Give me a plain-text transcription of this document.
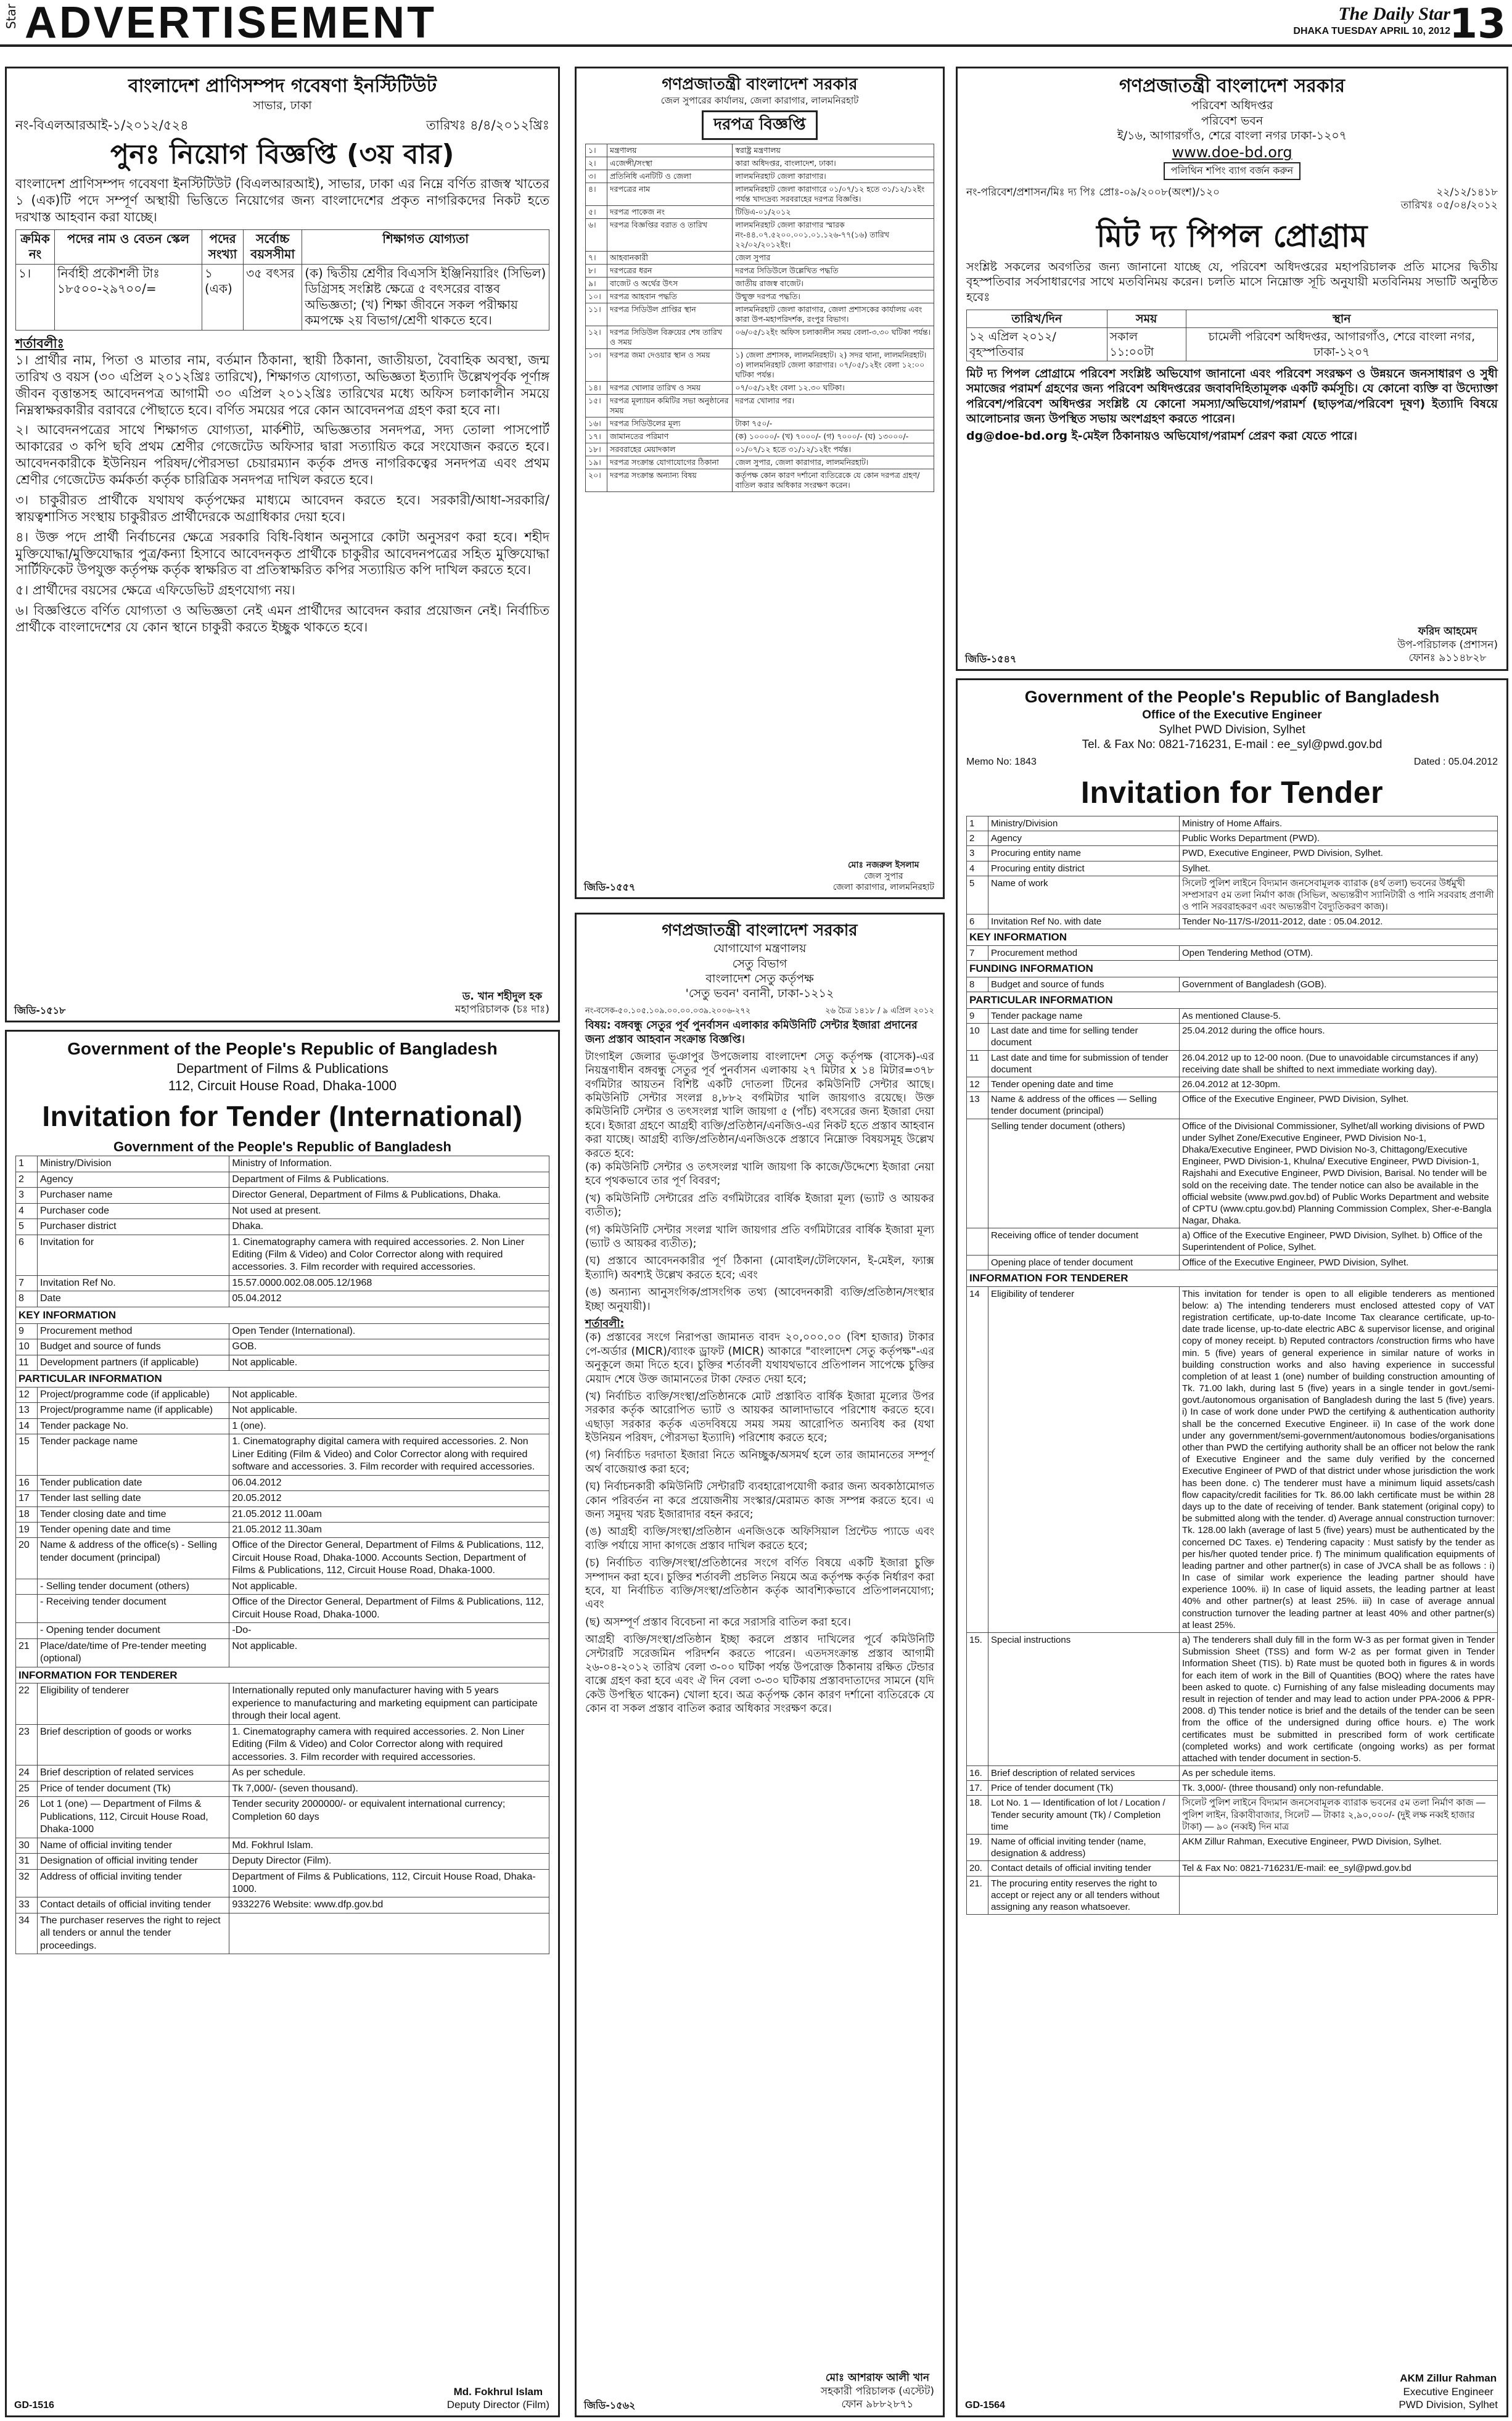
Star ADVERTISEMENT	The Daily Star
DHAKA TUESDAY APRIL 10, 2012
13
বাংলাদেশ প্রাণিসম্পদ গবেষণা ইনস্টিটিউট
সাভার, ঢাকা
নং-বিএলআরআই-১/২০১২/৫২৪	তারিখঃ ৪/৪/২০১২খ্রিঃ
পুনঃ নিয়োগ বিজ্ঞপ্তি (৩য় বার)
বাংলাদেশ প্রাণিসম্পদ গবেষণা ইনস্টিটিউট (বিএলআরআই), সাভার, ঢাকা এর নিম্নে বর্ণিত রাজস্ব খাতের ১ (এক)টি পদে সম্পূর্ণ অস্থায়ী ভিত্তিতে নিয়োগের জন্য বাংলাদেশের প্রকৃত নাগরিকদের নিকট হতে দরখাস্ত আহবান করা যাচ্ছে।
ক্রমিক নং	পদের নাম ও বেতন স্কেল	পদের সংখ্যা	সর্বোচ্চ বয়সসীমা	শিক্ষাগত যোগ্যতা
১।	নির্বাহী প্রকৌশলী টাঃ ১৮৫০০-২৯৭০০/=	১ (এক)	৩৫ বৎসর	(ক) দ্বিতীয় শ্রেণীর বিএসসি ইঞ্জিনিয়ারিং (সিভিল) ডিগ্রিসহ সংশ্লিষ্ট ক্ষেত্রে ৫ বৎসরের বাস্তব অভিজ্ঞতা; (খ) শিক্ষা জীবনে সকল পরীক্ষায় কমপক্ষে ২য় বিভাগ/শ্রেণী থাকতে হবে।
শর্তাবলীঃ
১। প্রার্থীর নাম, পিতা ও মাতার নাম, বর্তমান ঠিকানা, স্থায়ী ঠিকানা, জাতীয়তা, বৈবাহিক অবস্থা, জন্ম তারিখ ও বয়স (৩০ এপ্রিল ২০১২খ্রিঃ তারিখে), শিক্ষাগত যোগ্যতা, অভিজ্ঞতা ইত্যাদি উল্লেখপূর্বক পূর্ণাঙ্গ জীবন বৃত্তান্তসহ আবেদনপত্র আগামী ৩০ এপ্রিল ২০১২খ্রিঃ তারিখের মধ্যে অফিস চলাকালীন সময়ে নিম্নস্বাক্ষরকারীর বরাবরে পৌছাতে হবে। বর্ণিত সময়ের পরে কোন আবেদনপত্র গ্রহণ করা হবে না।
২। আবেদনপত্রের সাথে শিক্ষাগত যোগ্যতা, মার্কশীট, অভিজ্ঞতার সনদপত্র, সদ্য তোলা পাসপোর্ট আকারের ৩ কপি ছবি প্রথম শ্রেণীর গেজেটেড অফিসার দ্বারা সত্যায়িত করে সংযোজন করতে হবে। আবেদনকারীকে ইউনিয়ন পরিষদ/পৌরসভা চেয়ারম্যান কর্তৃক প্রদত্ত নাগরিকত্বের সনদপত্র এবং প্রথম শ্রেণীর গেজেটেড কর্মকর্তা কর্তৃক চারিত্রিক সনদপত্র দাখিল করতে হবে।
৩। চাকুরীরত প্রার্থীকে যথাযথ কর্তৃপক্ষের মাধ্যমে আবেদন করতে হবে। সরকারী/আধা-সরকারি/স্বায়ত্বশাসিত সংস্থায় চাকুরীরত প্রার্থীদেরকে অগ্রাধিকার দেয়া হবে।
৪। উক্ত পদে প্রার্থী নির্বাচনের ক্ষেত্রে সরকারি বিধি-বিধান অনুসারে কোটা অনুসরণ করা হবে। শহীদ মুক্তিযোদ্ধা/মুক্তিযোদ্ধার পুত্র/কন্যা হিসাবে আবেদনকৃত প্রার্থীকে চাকুরীর আবেদনপত্রের সহিত মুক্তিযোদ্ধা সার্টিফিকেট উপযুক্ত কর্তৃপক্ষ কর্তৃক স্বাক্ষরিত বা প্রতিস্বাক্ষরিত কপির সত্যায়িত কপি দাখিল করতে হবে।
৫। প্রার্থীদের বয়সের ক্ষেত্রে এফিডেভিট গ্রহণযোগ্য নয়।
৬। বিজ্ঞপ্তিতে বর্ণিত যোগ্যতা ও অভিজ্ঞতা নেই এমন প্রার্থীদের আবেদন করার প্রয়োজন নেই। নির্বাচিত প্রার্থীকে বাংলাদেশের যে কোন স্থানে চাকুরী করতে ইচ্ছুক থাকতে হবে।
জিডি-১৫১৮
ড. খান শহীদুল হক
মহাপরিচালক (চঃ দাঃ)
গণপ্রজাতন্ত্রী বাংলাদেশ সরকার
জেল সুপারের কার্যালয়, জেলা কারাগার, লালমনিরহাট
দরপত্র বিজ্ঞপ্তি
১।	মন্ত্রণালয়	স্বরাষ্ট্র মন্ত্রণালয়
২।	এজেন্সী/সংস্থা	কারা অধিদপ্তর, বাংলাদেশ, ঢাকা।
৩।	প্রতিনিধি এনটিটি ও জেলা	লালমনিরহাট জেলা কারাগার।
৪।	দরপত্রের নাম	লালমনিরহাট জেলা কারাগারে ০১/০৭/১২ হতে ৩১/১২/১২ইং পর্যন্ত খাদ্যদ্রব্য সরবরাহের দরপত্র বিজ্ঞপ্তি।
৫।	দরপত্র পাকেজ নং	টিডিএ-০১/২০১২
৬।	দরপত্র বিজ্ঞপ্তির বরাত ও তারিখ	লালমনিরহাট জেলা কারাগার স্মারক নং-৪৪.০৭.৫২০০.০০১.০১.১২৬-৭৭(১৬) তারিখ ২২/০২/২০১২ইং।
৭।	আহবানকারী	জেল সুপার
৮।	দরপত্রের ধরন	দরপত্র সিডিউলে উল্লেখিত পদ্ধতি
৯।	বাজেট ও অর্থের উৎস	জাতীয় রাজস্ব বাজেট।
১০।	দরপত্র আহবান পদ্ধতি	উন্মুক্ত দরপত্র পদ্ধতি।
১১।	দরপত্র সিডিউল প্রাপ্তির স্থান	লালমনিরহাট জেলা কারাগার, জেলা প্রশাসকের কার্যালয় এবং কারা উপ-মহাপরিদর্শক, রংপুর বিভাগ।
১২।	দরপত্র সিডিউল বিক্রয়ের শেষ তারিখ ও সময়	০৬/০৫/১২ইং অফিস চলাকালীন সময় বেলা-৩.৩০ ঘটিকা পর্যন্ত।
১৩।	দরপত্র জমা দেওয়ার স্থান ও সময়	১) জেলা প্রশাসক, লালমনিরহাট। ২) সদর থানা, লালমনিরহাট। ৩) লালমনিরহাট জেলা কারাগার। ০৭/০৫/১২ইং বেলা ১২:০০ ঘটিকা পর্যন্ত।
১৪।	দরপত্র খোলার তারিখ ও সময়	০৭/০৫/১২ইং বেলা ১২.৩০ ঘটিকা।
১৫।	দরপত্র মূল্যায়ন কমিটির সভা অনুষ্ঠানের সময়	দরপত্র খোলার পর।
১৬।	দরপত্র সিডিউলের মূল্য	টাকা ৭৫০/-
১৭।	জামানতের পরিমাণ	(ক) ১০০০০/- (খ) ৭০০০/- (গ) ৭০০০/- (ঘ) ১৩০০০/-
১৮।	সরবরাহের মেয়াদকাল	০১/০৭/১২ হতে ৩১/১২/১২ইং পর্যন্ত।
১৯।	দরপত্র সংক্রান্ত যোগাযোগের ঠিকানা	জেল সুপার, জেলা কারাগার, লালমনিরহাট।
২০।	দরপত্র সংক্রান্ত অন্যান্য বিষয়	কর্তৃপক্ষ কোন কারণ দর্শানো ব্যতিরেকে যে কোন দরপত্র গ্রহণ/বাতিল করার অধিকার সংরক্ষণ করেন।
জিডি-১৫৫৭
মোঃ নজরুল ইসলাম
জেল সুপার
জেলা কারাগার, লালমনিরহাট
গণপ্রজাতন্ত্রী বাংলাদেশ সরকার
পরিবেশ অধিদপ্তর
পরিবেশ ভবন
ই/১৬, আগারগাঁও, শেরে বাংলা নগর ঢাকা-১২০৭
www.doe-bd.org
পলিথিন শপিং ব্যাগ বর্জন করুন
নং-পরিবেশ/প্রশাসন/মিঃ দ্য পিঃ প্রোঃ-০৯/২০০৮(অংশ)/১২০	২২/১২/১৪১৮
তারিখঃ ০৫/০৪/২০১২
মিট দ্য পিপল প্রোগ্রাম
সংশ্লিষ্ট সকলের অবগতির জন্য জানানো যাচ্ছে যে, পরিবেশ অধিদপ্তরের মহাপরিচালক প্রতি মাসের দ্বিতীয় বৃহস্পতিবার সর্বসাধারণের সাথে মতবিনিময় করেন। চলতি মাসে নিম্নোক্ত সূচি অনুযায়ী মতবিনিময় সভাটি অনুষ্ঠিত হবেঃ
তারিখ/দিন	সময়	স্থান
১২ এপ্রিল ২০১২/বৃহস্পতিবার	সকাল ১১:০০টা	চামেলী পরিবেশ অধিদপ্তর, আগারগাঁও, শেরে বাংলা নগর, ঢাকা-১২০৭
মিট দ্য পিপল প্রোগ্রামে পরিবেশ সংশ্লিষ্ট অভিযোগ জানানো এবং পরিবেশ সংরক্ষণ ও উন্নয়নে জনসাধারণ ও সুধী সমাজের পরামর্শ গ্রহণের জন্য পরিবেশ অধিদপ্তরের জবাবদিহিতামূলক একটি কর্মসূচি। যে কোনো ব্যক্তি বা উদ্যোক্তা পরিবেশ/পরিবেশ অধিদপ্তর সংশ্লিষ্ট যে কোনো সমস্যা/অভিযোগ/পরামর্শ (ছাড়পত্র/পরিবেশ দূষণ) ইত্যাদি বিষয়ে আলোচনার জন্য উপস্থিত সভায় অংশগ্রহণ করতে পারেন।
dg@doe-bd.org ই-মেইল ঠিকানায়ও অভিযোগ/পরামর্শ প্রেরণ করা যেতে পারে।
জিডি-১৫৪৭
ফরিদ আহমেদ
উপ-পরিচালক (প্রশাসন)
ফোনঃ ৯১১৪৮২৮
Government of the People's Republic of Bangladesh
Department of Films & Publications
112, Circuit House Road, Dhaka-1000
Invitation for Tender (International)
Government of the People's Republic of Bangladesh
1	Ministry/Division	Ministry of Information.
2	Agency	Department of Films & Publications.
3	Purchaser name	Director General, Department of Films & Publications, Dhaka.
4	Purchaser code	Not used at present.
5	Purchaser district	Dhaka.
6	Invitation for	1. Cinematography camera with required accessories. 2. Non Liner Editing (Film & Video) and Color Corrector along with required accessories. 3. Film recorder with required accessories.
7	Invitation Ref No.	15.57.0000.002.08.005.12/1968
8	Date	05.04.2012
KEY INFORMATION		
9	Procurement method	Open Tender (International).
10	Budget and source of funds	GOB.
11	Development partners (if applicable)	Not applicable.
PARTICULAR INFORMATION		
12	Project/programme code (if applicable)	Not applicable.
13	Project/programme name (if applicable)	Not applicable.
14	Tender package No.	1 (one).
15	Tender package name	1. Cinematography digital camera with required accessories. 2. Non Liner Editing (Film & Video) and Color Corrector along with required software and accessories. 3. Film recorder with required accessories.
16	Tender publication date	06.04.2012
17	Tender last selling date	20.05.2012
18	Tender closing date and time	21.05.2012 11.00am
19	Tender opening date and time	21.05.2012 11.30am
20	Name & address of the office(s) - Selling tender document (principal)	Office of the Director General, Department of Films & Publications, 112, Circuit House Road, Dhaka-1000. Accounts Section, Department of Films & Publications, 112, Circuit House Road, Dhaka-1000.
	- Selling tender document (others)	Not applicable.
	- Receiving tender document	Office of the Director General, Department of Films & Publications, 112, Circuit House Road, Dhaka-1000.
	- Opening tender document	-Do-
21	Place/date/time of Pre-tender meeting (optional)	Not applicable.
INFORMATION FOR TENDERER		
22	Eligibility of tenderer	Internationally reputed only manufacturer having with 5 years experience to manufacturing and marketing equipment can participate through their local agent.
23	Brief description of goods or works	1. Cinematography camera with required accessories. 2. Non Liner Editing (Film & Video) and Color Corrector along with required accessories. 3. Film recorder with required accessories.
24	Brief description of related services	As per schedule.
25	Price of tender document (Tk)	Tk 7,000/- (seven thousand).
26	Lot 1 (one) — Department of Films & Publications, 112, Circuit House Road, Dhaka-1000	Tender security 2000000/- or equivalent international currency; Completion 60 days
30	Name of official inviting tender	Md. Fokhrul Islam.
31	Designation of official inviting tender	Deputy Director (Film).
32	Address of official inviting tender	Department of Films & Publications, 112, Circuit House Road, Dhaka-1000.
33	Contact details of official inviting tender	9332276 Website: www.dfp.gov.bd
34	The purchaser reserves the right to reject all tenders or annul the tender proceedings.	
GD-1516
Md. Fokhrul Islam
Deputy Director (Film)
গণপ্রজাতন্ত্রী বাংলাদেশ সরকার
যোগাযোগ মন্ত্রণালয়
সেতু বিভাগ
বাংলাদেশ সেতু কর্তৃপক্ষ
'সেতু ভবন' বনানী, ঢাকা-১২১২
নং-বসেক-৫০.১০৫.১০৯.০০.০০.০৩৯.২০০৬-২৭২	২৬ চৈত্র ১৪১৮ / ৯ এপ্রিল ২০১২
বিষয়: বঙ্গবন্ধু সেতুর পূর্ব পুনর্বাসন এলাকার কমিউনিটি সেন্টার ইজারা প্রদানের জন্য প্রস্তাব আহবান সংক্রান্ত বিজ্ঞপ্তি।
টাংগাইল জেলার ভূঞাপুর উপজেলায় বাংলাদেশ সেতু কর্তৃপক্ষ (বাসেক)-এর নিয়ন্ত্রণাধীন বঙ্গবন্ধু সেতুর পূর্ব পুনর্বাসন এলাকায় ২৭ মিটার x ১৪ মিটার=৩৭৮ বর্গমিটার আয়তন বিশিষ্ট একটি দোতলা টিনের কমিউনিটি সেন্টার আছে। কমিউনিটি সেন্টার সংলগ্ন ৪,৮৮২ বর্গমিটার খালি জায়গাও রয়েছে। উক্ত কমিউনিটি সেন্টার ও তৎসংলগ্ন খালি জায়গা ৫ (পাঁচ) বৎসরের জন্য ইজারা দেয়া হবে। ইজারা গ্রহণে আগ্রহী ব্যক্তি/প্রতিষ্ঠান/এনজিও-এর নিকট হতে প্রস্তাব আহবান করা যাচ্ছে। আগ্রহী ব্যক্তি/প্রতিষ্ঠান/এনজিওকে প্রস্তাবে নিম্নোক্ত বিষয়সমূহ উল্লেখ করতে হবে:
(ক) কমিউনিটি সেন্টার ও তৎসংলগ্ন খালি জায়গা কি কাজে/উদ্দেশ্যে ইজারা নেয়া হবে পৃথকভাবে তার পূর্ণ বিবরণ;
(খ) কমিউনিটি সেন্টারের প্রতি বর্গমিটারের বার্ষিক ইজারা মূল্য (ভ্যাট ও আয়কর ব্যতীত);
(গ) কমিউনিটি সেন্টার সংলগ্ন খালি জায়গার প্রতি বর্গমিটারের বার্ষিক ইজারা মূল্য (ভ্যাট ও আয়কর ব্যতীত);
(ঘ) প্রস্তাবে আবেদনকারীর পূর্ণ ঠিকানা (মোবাইল/টেলিফোন, ই-মেইল, ফ্যাক্স ইত্যাদি) অবশ্যই উল্লেখ করতে হবে; এবং
(ঙ) অন্যান্য আনুসংগিক/প্রাসংগিক তথ্য (আবেদনকারী ব্যক্তি/প্রতিষ্ঠান/সংস্থার ইচ্ছা অনুযায়ী)।
শর্তাবলী:
(ক) প্রস্তাবের সংগে নিরাপত্তা জামানত বাবদ ২০,০০০.০০ (বিশ হাজার) টাকার পে-অর্ডার (MICR)/ব্যাংক ড্রাফট (MICR) আকারে "বাংলাদেশ সেতু কর্তৃপক্ষ"-এর অনুকূলে জমা দিতে হবে। চুক্তির শর্তাবলী যথাযথভাবে প্রতিপালন সাপেক্ষে চুক্তির মেয়াদ শেষে উক্ত জামানতের টাকা ফেরত দেয়া হবে;
(খ) নির্বাচিত ব্যক্তি/সংস্থা/প্রতিষ্ঠানকে মোট প্রস্তাবিত বার্ষিক ইজারা মূল্যের উপর সরকার কর্তৃক আরোপিত ভ্যাট ও আয়কর আলাদাভাবে পরিশোধ করতে হবে। এছাড়া সরকার কর্তৃক এতদবিষয়ে সময় সময় আরোপিত অন্যবিধ কর (যথা ইউনিয়ন পরিষদ, পৌরসভা ইত্যাদি) পরিশোধ করতে হবে;
(গ) নির্বাচিত দরদাতা ইজারা নিতে অনিচ্ছুক/অসমর্থ হলে তার জামানতের সম্পূর্ণ অর্থ বাজেয়াপ্ত করা হবে;
(ঘ) নির্বাচনকারী কমিউনিটি সেন্টারটি ব্যবহারোপযোগী করার জন্য অবকাঠামোগত কোন পরিবর্তন না করে প্রয়োজনীয় সংস্কার/মেরামত কাজ সম্পন্ন করতে হবে। এ জন্য সমুদয় খরচ ইজারাদার বহন করবে;
(ঙ) আগ্রহী ব্যক্তি/সংস্থা/প্রতিষ্ঠান এনজিওকে অফিসিয়াল প্রিন্টেড প্যাডে এবং ব্যক্তি পর্যায়ে সাদা কাগজে প্রস্তাব দাখিল করতে হবে;
(চ) নির্বাচিত ব্যক্তি/সংস্থা/প্রতিষ্ঠানের সংগে বর্ণিত বিষয়ে একটি ইজারা চুক্তি সম্পাদন করা হবে। চুক্তির শর্তাবলী প্রচলিত নিয়মে অত্র কর্তৃপক্ষ কর্তৃক নির্ধারণ করা হবে, যা নির্বাচিত ব্যক্তি/সংস্থা/প্রতিষ্ঠান কর্তৃক আবশ্যিকভাবে প্রতিপালনযোগ্য; এবং
(ছ) অসম্পূর্ণ প্রস্তাব বিবেচনা না করে সরাসরি বাতিল করা হবে।
আগ্রহী ব্যক্তি/সংস্থা/প্রতিষ্ঠান ইচ্ছা করলে প্রস্তাব দাখিলের পূর্বে কমিউনিটি সেন্টারটি সরেজমিন পরিদর্শন করতে পারেন। এতদসংক্রান্ত প্রস্তাব আগামী ২৬-০৪-২০১২ তারিখ বেলা ৩-০০ ঘটিকা পর্যন্ত উপরোক্ত ঠিকানায় রক্ষিত টেন্ডার বাক্সে গ্রহণ করা হবে এবং ঐ দিন বেলা ৩-৩০ ঘটিকায় প্রস্তাবদাতাদের সামনে (যদি কেউ উপস্থিত থাকেন) খোলা হবে। অত্র কর্তৃপক্ষ কোন কারণ দর্শানো ব্যতিরেকে যে কোন বা সকল প্রস্তাব বাতিল করার অধিকার সংরক্ষণ করে।
জিডি-১৫৬২
মোঃ আশরাফ আলী খান
সহকারী পরিচালক (এস্টেট)
ফোন ৯৮৮২৮৭১
Government of the People's Republic of Bangladesh
Office of the Executive Engineer
Sylhet PWD Division, Sylhet
Tel. & Fax No: 0821-716231, E-mail : ee_syl@pwd.gov.bd
Memo No: 1843	Dated : 05.04.2012
Invitation for Tender
1	Ministry/Division	Ministry of Home Affairs.
2	Agency	Public Works Department (PWD).
3	Procuring entity name	PWD, Executive Engineer, PWD Division, Sylhet.
4	Procuring entity district	Sylhet.
5	Name of work	সিলেট পুলিশ লাইনে বিদ্যমান জনসেবামূলক ব্যারাক (৪র্থ তলা) ভবনের উর্ধমুখী সম্প্রসারণ ৫ম তলা নির্মাণ কাজ (সিভিল, অভ্যন্তরীণ স্যানিটারী ও পানি সরবরাহ প্রণালী ও পানি সরবরাহকরণ এবং অভ্যন্তরীণ বৈদ্যুতিকরণ কাজ)।
6	Invitation Ref No. with date	Tender No-117/S-I/2011-2012, date : 05.04.2012.
KEY INFORMATION		
7	Procurement method	Open Tendering Method (OTM).
FUNDING INFORMATION		
8	Budget and source of funds	Government of Bangladesh (GOB).
PARTICULAR INFORMATION		
9	Tender package name	As mentioned Clause-5.
10	Last date and time for selling tender document	25.04.2012 during the office hours.
11	Last date and time for submission of tender document	26.04.2012 up to 12-00 noon. (Due to unavoidable circumstances if any) receiving date shall be shifted to next immediate working day).
12	Tender opening date and time	26.04.2012 at 12-30pm.
13	Name & address of the offices — Selling tender document (principal)	Office of the Executive Engineer, PWD Division, Sylhet.
	Selling tender document (others)	Office of the Divisional Commissioner, Sylhet/all working divisions of PWD under Sylhet Zone/Executive Engineer, PWD Division No-1, Dhaka/Executive Engineer, PWD Division No-3, Chittagong/Executive Engineer, PWD Division-1, Khulna/ Executive Engineer, PWD Division-1, Rajshahi and Executive Engineer, PWD Division, Barisal. No tender will be sold on the receiving date. The tender notice can also be available in the official website (www.pwd.gov.bd) of Public Works Department and website of CPTU (www.cptu.gov.bd) Planning Commission Complex, Sher-e-Bangla Nagar, Dhaka.
	Receiving office of tender document	a) Office of the Executive Engineer, PWD Division, Sylhet. b) Office of the Superintendent of Police, Sylhet.
	Opening place of tender document	Office of the Executive Engineer, PWD Division, Sylhet.
INFORMATION FOR TENDERER		
14	Eligibility of tenderer	This invitation for tender is open to all eligible tenderers as mentioned below: a) The intending tenderers must enclosed attested copy of VAT registration certificate, up-to-date Income Tax clearance certificate, up-to-date trade license, up-to-date electric ABC & supervisor license, and original copy of money receipt. b) Reputed contractors /construction firms who have min. 5 (five) years of general experience in similar nature of works in building construction works and also having experience in successful completion of at least 1 (one) number of building construction amounting of Tk. 71.00 lakh, during last 5 (five) years in a single tender in govt./semi-govt./autonomous organisation of Bangladesh during the last 5 (five) years. i) In case of work done under PWD the certifying & authentication authority shall be the concerned Executive Engineer. ii) In case of the work done under any government/semi-government/autonomous bodies/organisations other than PWD the certifying authority shall be an officer not below the rank of Executive Engineer and the same duly verified by the concerned Executive Engineer of PWD of that district under whose jurisdiction the work has been done. c) The tenderer must have a minimum liquid assets/cash flow capacity/credit facilities for Tk. 86.00 lakh certificate must be within 28 days up to the date of receiving of tender. Bank statement (original copy) to be submitted along with the tender. d) Average annual construction turnover: Tk. 128.00 lakh (average of last 5 (five) years) must be authenticated by the concerned DC Taxes. e) Tendering capacity : Must satisfy by the tender as per his/her quoted tender price. f) The minimum qualification equipments of leading partner and other partner(s) in case of JVCA shall be as follows : i) In case of similar work experience the leading partner should have experience 100%. ii) In case of liquid assets, the leading partner at least 40% and other partner(s) at least 25%. iii) In case of average annual construction turnover the leading partner at least 40% and other partner(s) at least 25%.
15.	Special instructions	a) The tenderers shall duly fill in the form W-3 as per format given in Tender Submission Sheet (TSS) and form W-2 as per format given in Tender Information Sheet (TIS). b) Rate must be quoted both in figures & in words for each item of work in the Bill of Quantities (BOQ) where the rates have been asked to quote. c) Furnishing of any false misleading documents may result in rejection of tender and may lead to action under PPA-2006 & PPR-2008. d) This tender notice is brief and the details of the tender can be seen from the office of the undersigned during office hours. e) The work certificates must be submitted in prescribed form of work certificate (completed works) and work certificate (ongoing works) as per format attached with tender document in section-5.
16.	Brief description of related services	As per schedule items.
17.	Price of tender document (Tk)	Tk. 3,000/- (three thousand) only non-refundable.
18.	Lot No. 1 — Identification of lot / Location / Tender security amount (Tk) / Completion time	সিলেট পুলিশ লাইনে বিদ্যমান জনসেবামূলক ব্যারাক ভবনের ৫ম তলা নির্মাণ কাজ — পুলিশ লাইন, রিকাবীবাজার, সিলেট — টাকাঃ ২,৯০,০০০/- (দুই লক্ষ নব্বই হাজার টাকা) — ৯০ (নব্বই) দিন মাত্র
19.	Name of official inviting tender (name, designation & address)	AKM Zillur Rahman, Executive Engineer, PWD Division, Sylhet.
20.	Contact details of official inviting tender	Tel & Fax No: 0821-716231/E-mail: ee_syl@pwd.gov.bd
21.	The procuring entity reserves the right to accept or reject any or all tenders without assigning any reason whatsoever.	
GD-1564
AKM Zillur Rahman
Executive Engineer
PWD Division, Sylhet
